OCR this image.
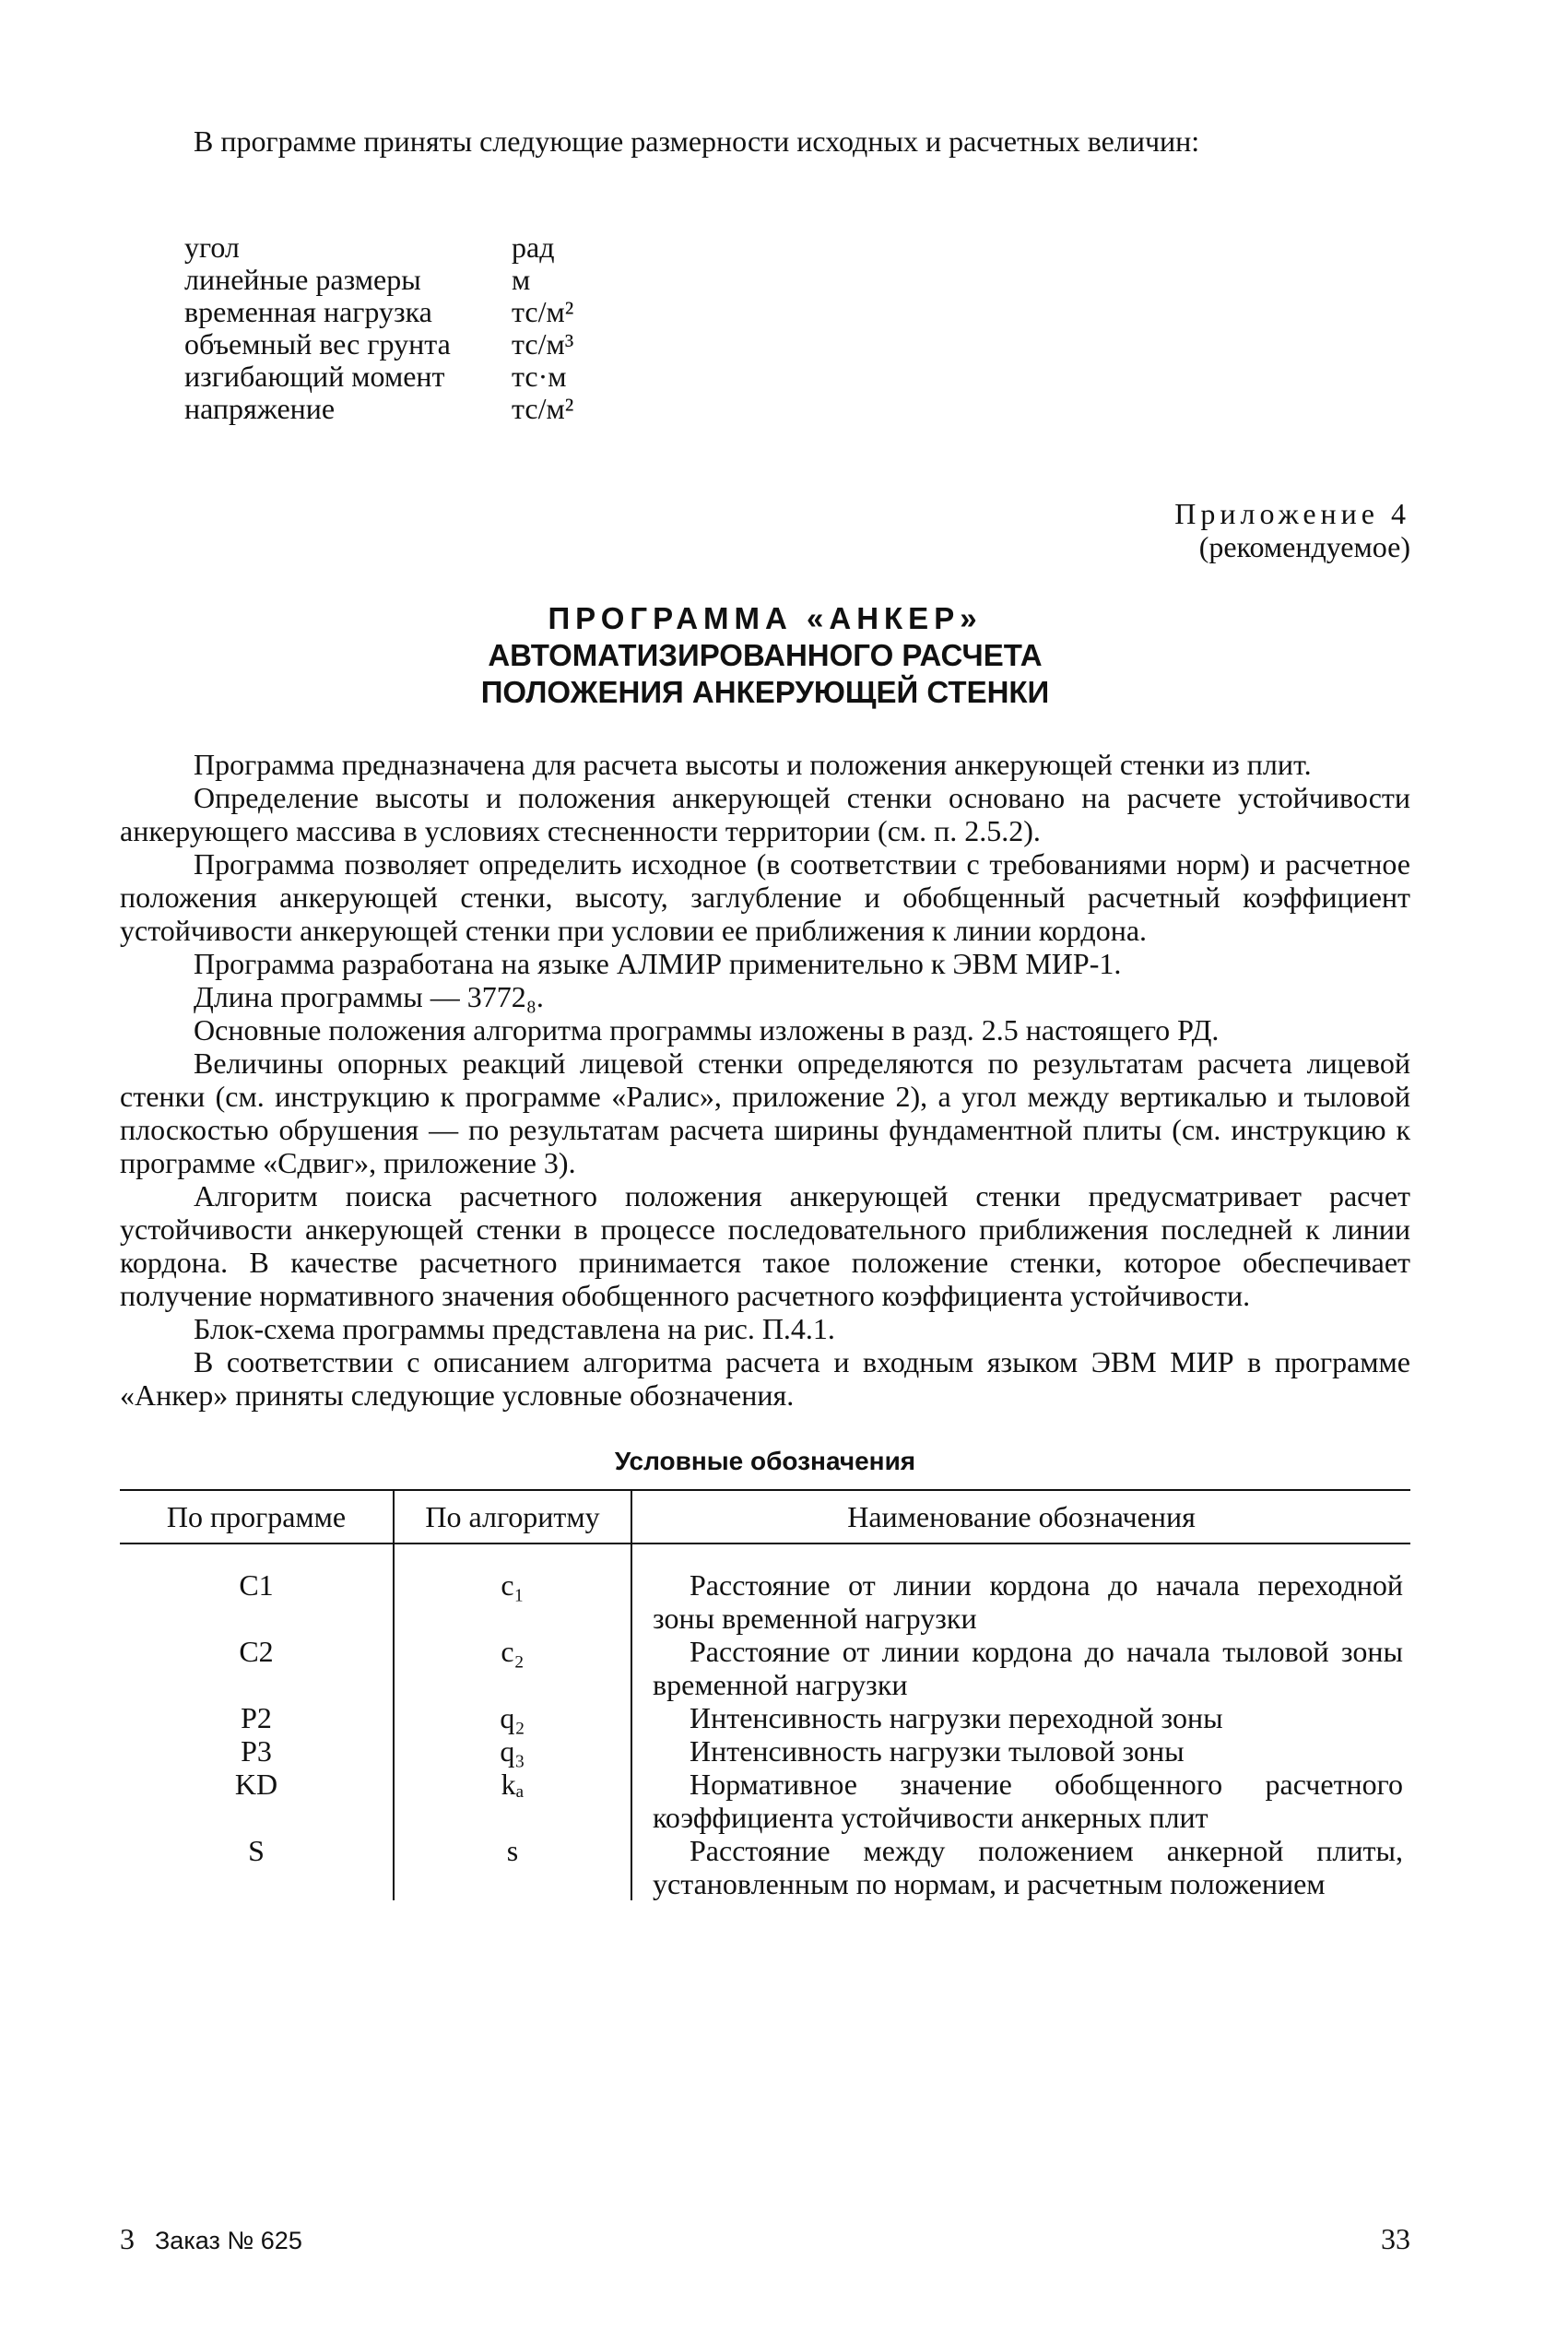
В программе приняты следующие размерности исходных и расчетных величин:

угол	рад
линейные размеры	м
временная нагрузка	тс/м²
объемный вес грунта	тс/м³
изгибающий момент	тс·м
напряжение	тс/м²
Приложение 4
(рекомендуемое)
ПРОГРАММА «АНКЕР»
АВТОМАТИЗИРОВАННОГО РАСЧЕТА
ПОЛОЖЕНИЯ АНКЕРУЮЩЕЙ СТЕНКИ

Программа предназначена для расчета высоты и положения анкерующей стенки из плит.

Определение высоты и положения анкерующей стенки основано на расчете устойчивости анкерующего массива в условиях стесненности территории (см. п. 2.5.2).

Программа позволяет определить исходное (в соответствии с требованиями норм) и расчетное положения анкерующей стенки, высоту, заглубление и обобщенный расчетный коэффициент устойчивости анкерующей стенки при условии ее приближения к линии кордона.

Программа разработана на языке АЛМИР применительно к ЭВМ МИР-1.

Длина программы — 3772₈.

Основные положения алгоритма программы изложены в разд. 2.5 настоящего РД.

Величины опорных реакций лицевой стенки определяются по результатам расчета лицевой стенки (см. инструкцию к программе «Ралис», приложение 2), а угол между вертикалью и тыловой плоскостью обрушения — по результатам расчета ширины фундаментной плиты (см. инструкцию к программе «Сдвиг», приложение 3).

Алгоритм поиска расчетного положения анкерующей стенки предусматривает расчет устойчивости анкерующей стенки в процессе последовательного приближения последней к линии кордона. В качестве расчетного принимается такое положение стенки, которое обеспечивает получение нормативного значения обобщенного расчетного коэффициента устойчивости.

Блок-схема программы представлена на рис. П.4.1.

В соответствии с описанием алгоритма расчета и входным языком ЭВМ МИР в программе «Анкер» приняты следующие условные обозначения.

Условные обозначения
По программе	По алгоритму	Наименование обозначения
C1	c₁	Расстояние от линии кордона до начала переходной зоны временной нагрузки
C2	c₂	Расстояние от линии кордона до начала тыловой зоны временной нагрузки
P2	q₂	Интенсивность нагрузки переходной зоны
P3	q₃	Интенсивность нагрузки тыловой зоны
KD	kₐ	Нормативное значение обобщенного расчетного коэффициента устойчивости анкерных плит
S	s	Расстояние между положением анкерной плиты, установленным по нормам, и расчетным положением
3 Заказ № 625	33
